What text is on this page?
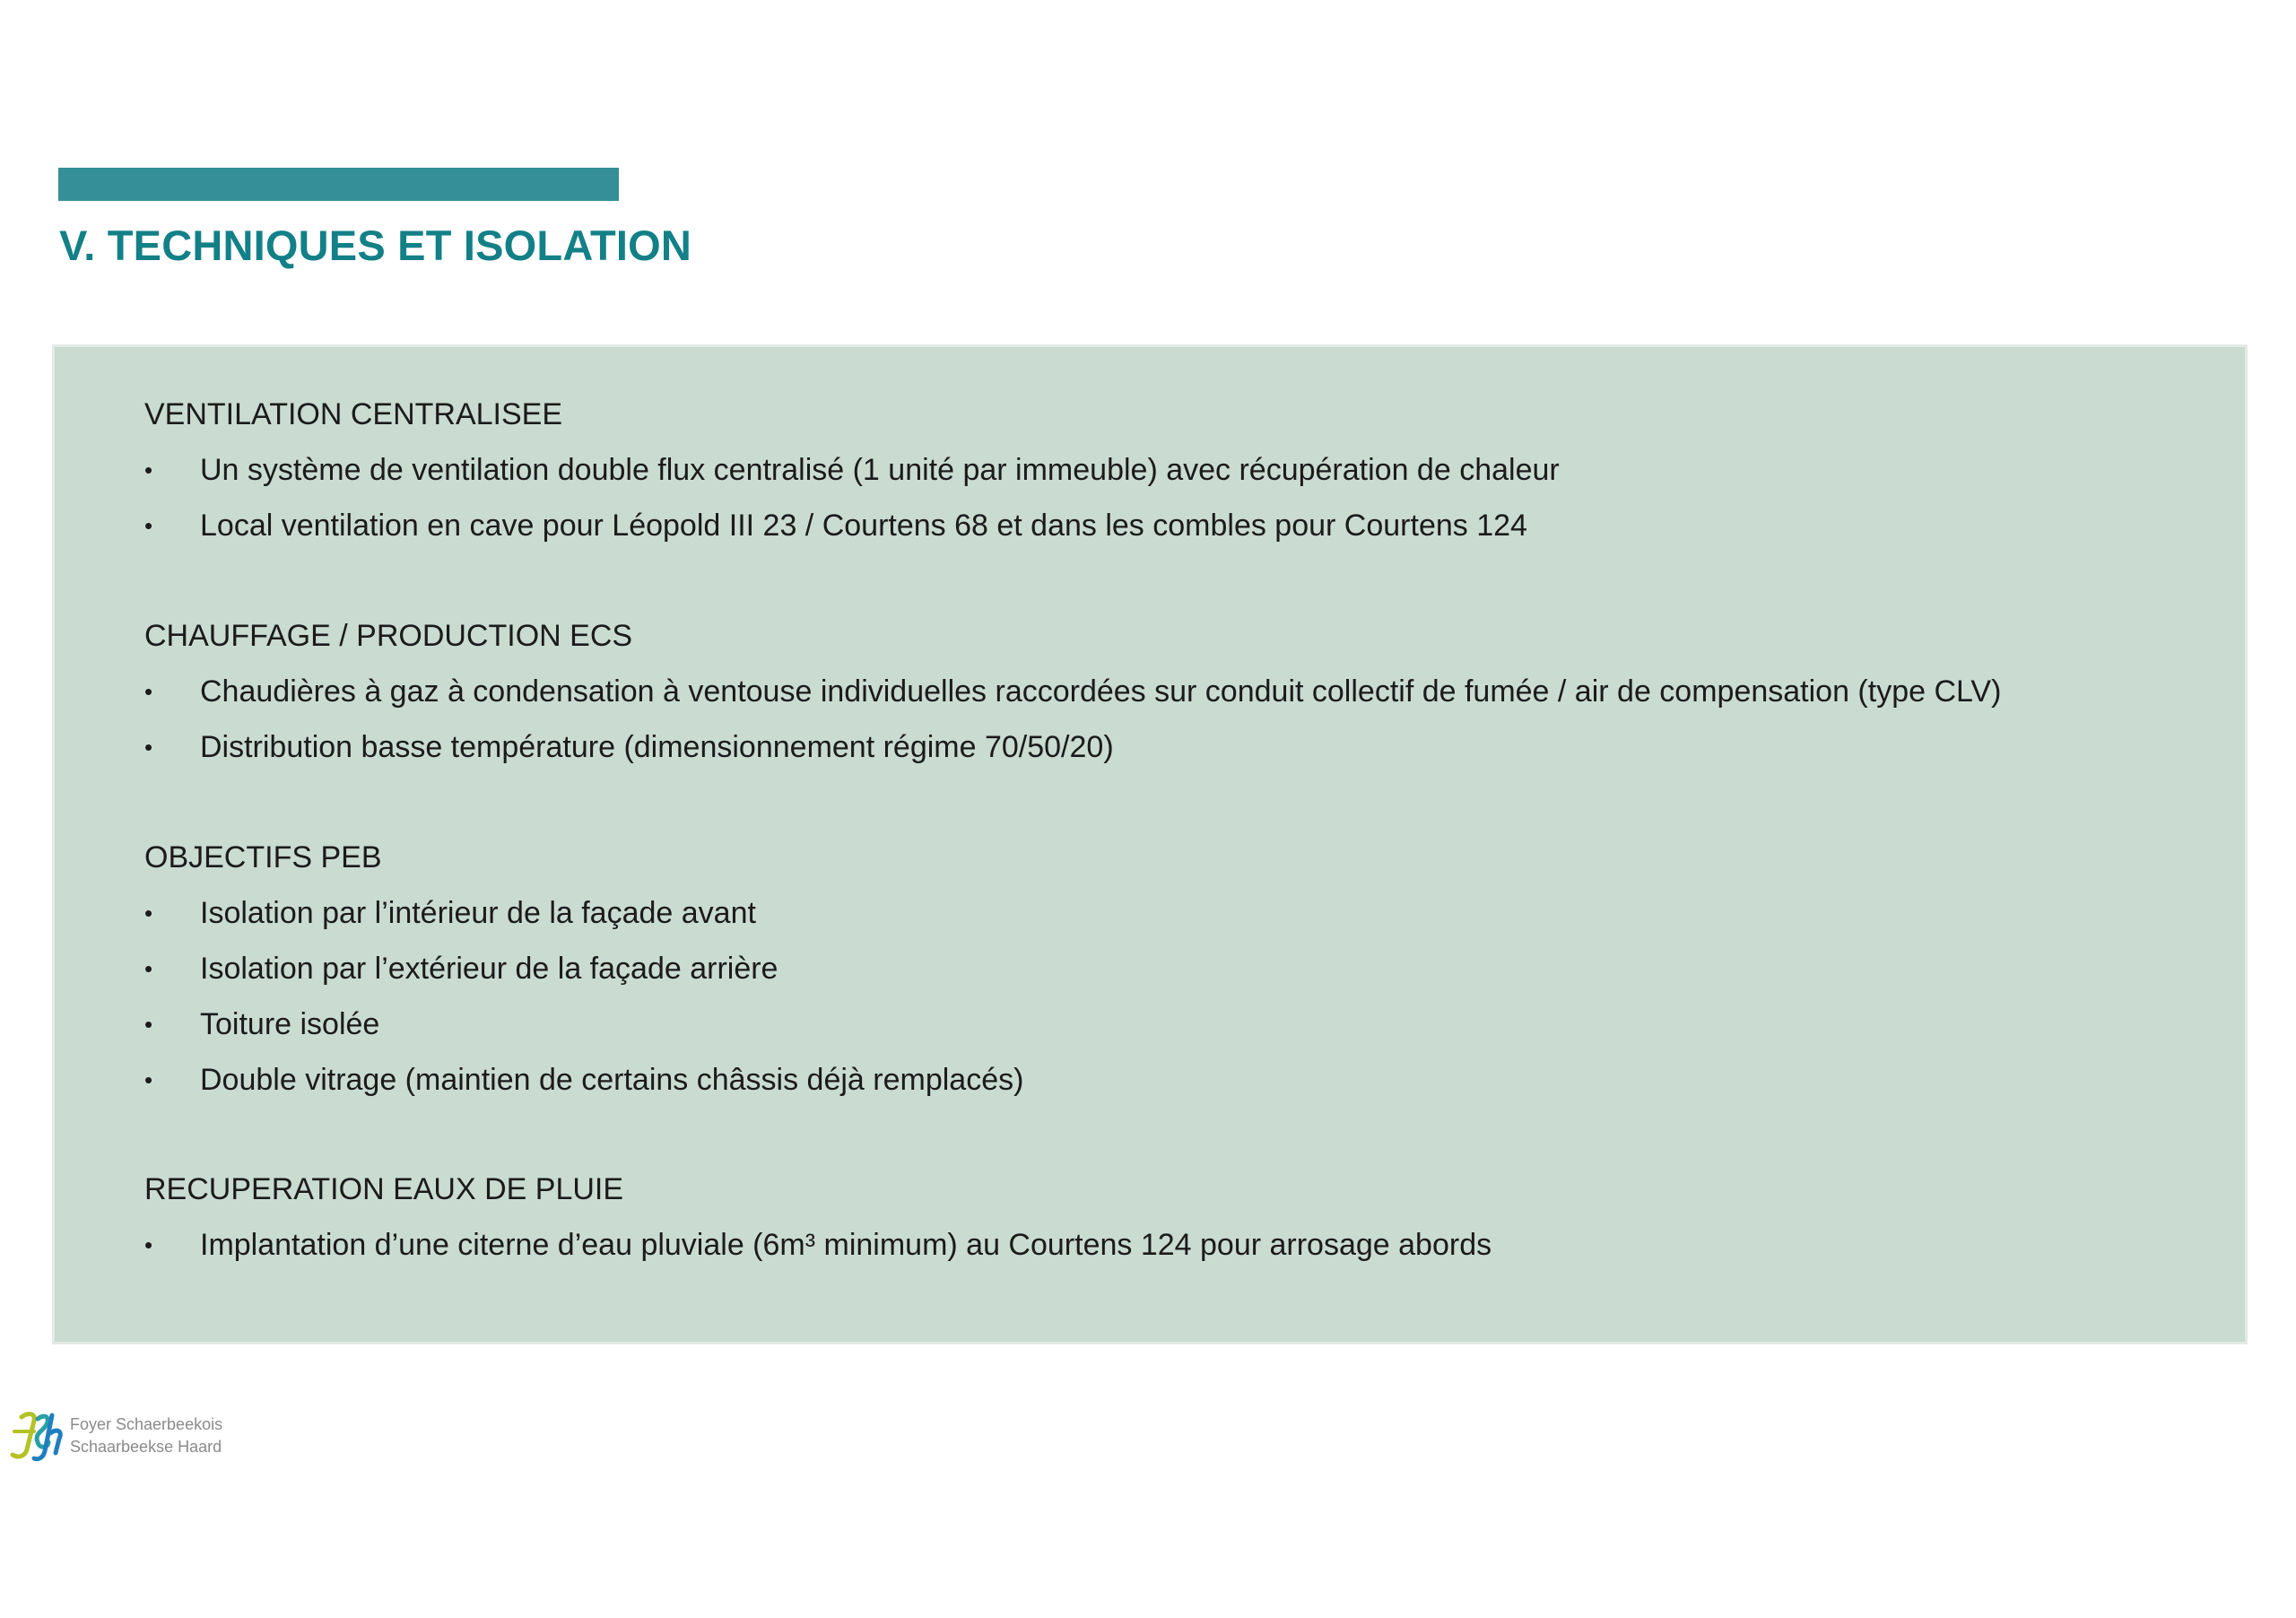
V. TECHNIQUES ET ISOLATION
VENTILATION CENTRALISEE
•	Un système de ventilation double flux centralisé (1 unité par immeuble) avec récupération de chaleur
•	Local ventilation en cave pour Léopold III 23 / Courtens 68 et dans les combles pour Courtens 124
CHAUFFAGE / PRODUCTION ECS
•	Chaudières à gaz à condensation à ventouse individuelles raccordées sur conduit collectif de fumée / air de compensation (type CLV)
•	Distribution basse température (dimensionnement régime 70/50/20)
OBJECTIFS PEB
•	Isolation par l’intérieur de la façade avant
•	Isolation par l’extérieur de la façade arrière
•	Toiture isolée
•	Double vitrage (maintien de certains châssis déjà remplacés)
RECUPERATION EAUX DE PLUIE
•	Implantation d’une citerne d’eau pluviale (6m³ minimum) au Courtens 124 pour arrosage abords
Foyer Schaerbeekois
Schaarbeekse Haard
